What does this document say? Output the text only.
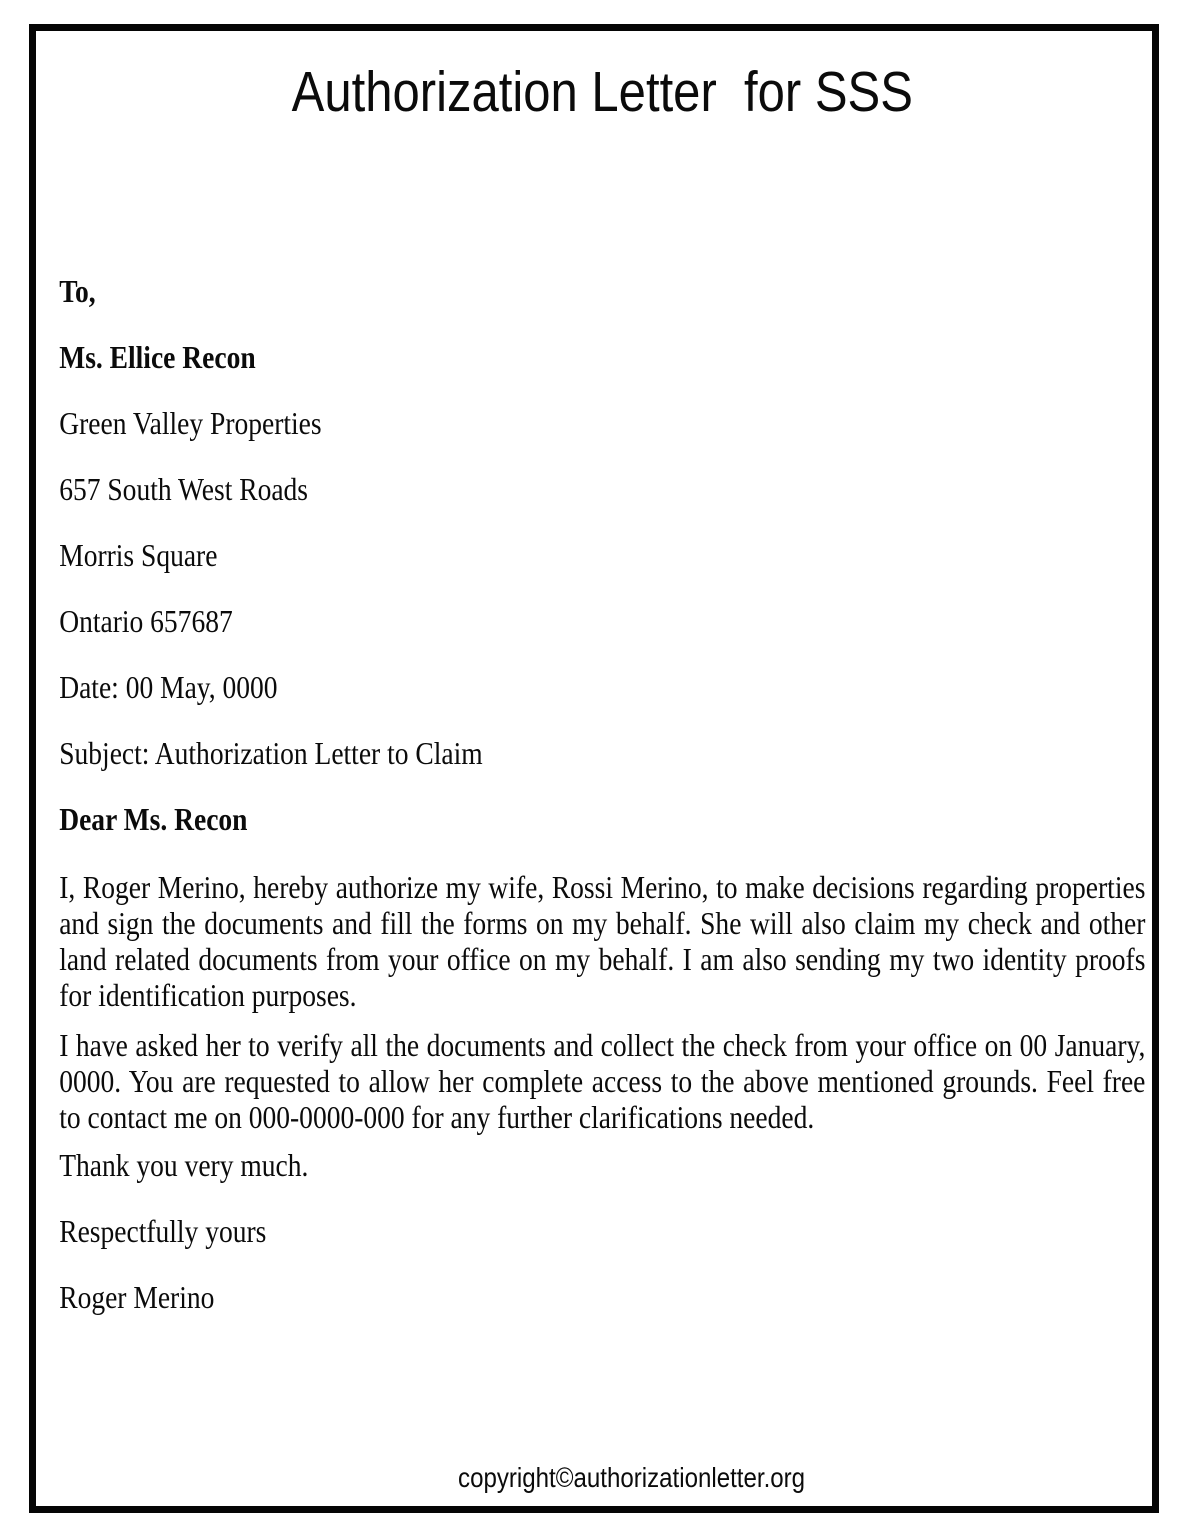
Authorization Letter  for SSS

To,

Ms. Ellice Recon

Green Valley Properties

657 South West Roads

Morris Square

Ontario 657687

Date: 00 May, 0000

Subject: Authorization Letter to Claim

Dear Ms. Recon

I, Roger Merino, hereby authorize my wife, Rossi Merino, to make decisions regarding properties and sign the documents and fill the forms on my behalf. She will also claim my check and other land related documents from your office on my behalf. I am also sending my two identity proofs for identification purposes.

I have asked her to verify all the documents and collect the check from your office on 00 January, 0000. You are requested to allow her complete access to the above mentioned grounds. Feel free to contact me on 000-0000-000 for any further clarifications needed.

Thank you very much.

Respectfully yours

Roger Merino

copyright©authorizationletter.org
